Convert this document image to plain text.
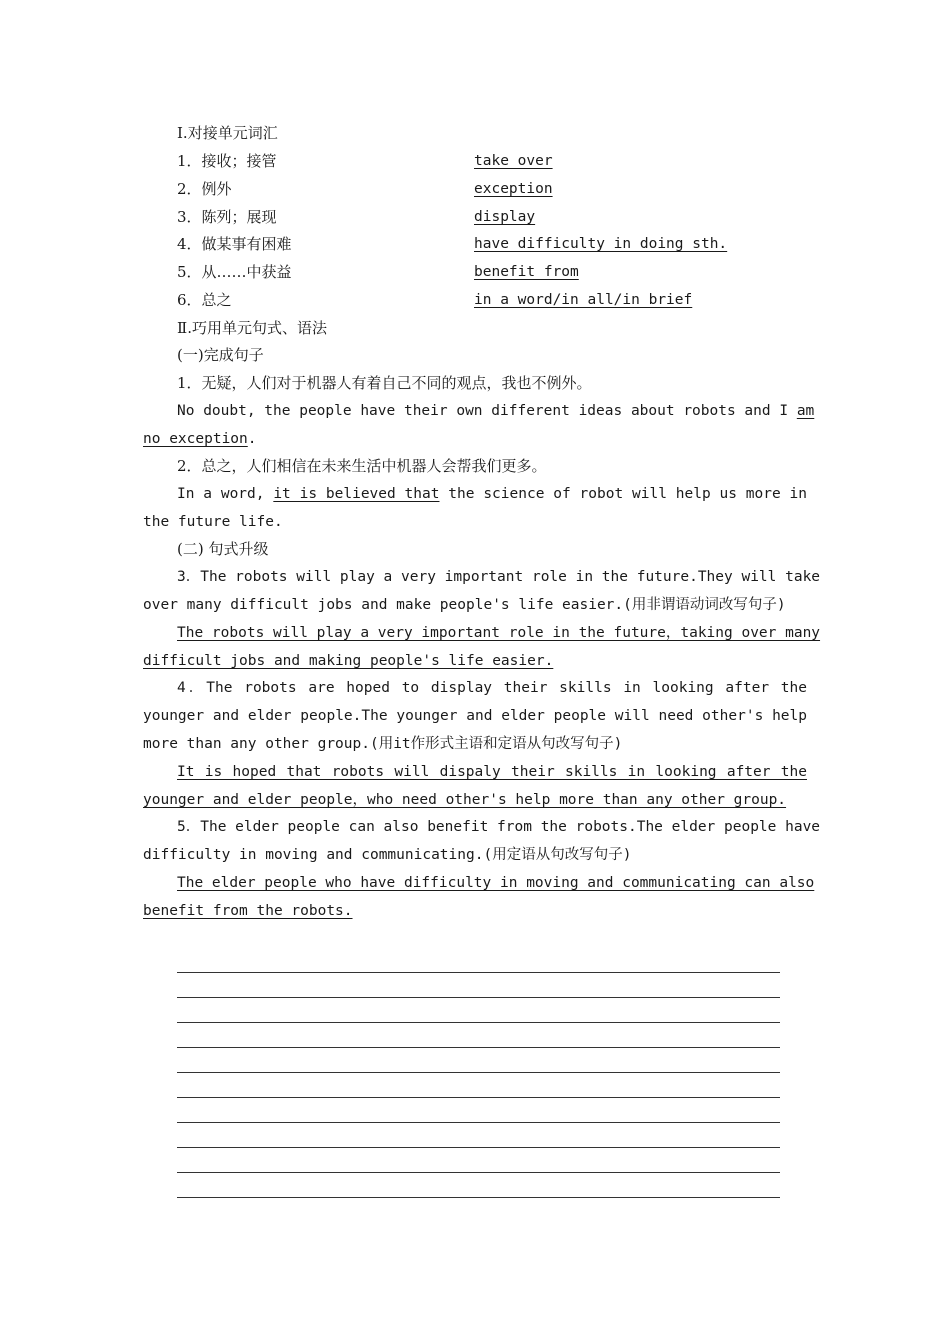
Ⅰ.对接单元词汇
1．接收；接管	take over
2．例外	exception
3．陈列；展现	display
4．做某事有困难	have difficulty in doing sth.
5．从……中获益	benefit from
6．总之	in a word/in all/in brief
Ⅱ.巧用单元句式、语法
(一)完成句子
1．无疑，人们对于机器人有着自己不同的观点，我也不例外。
No doubt, the people have their own different ideas about robots and I am
no exception.
2．总之，人们相信在未来生活中机器人会帮我们更多。
In a word, it is believed that the science of robot will help us more in
the future life.
(二) 句式升级
3．The robots will play a very important role in the future.They will take
over many difficult jobs and make people's life easier.(用非谓语动词改写句子)
The robots will play a very important role in the future，taking over many
difficult jobs and making people's life easier.
4．The robots are hoped to display their skills in looking after the
younger and elder people.The younger and elder people will need other's help
more than any other group.(用it作形式主语和定语从句改写句子)
It is hoped that robots will dispaly their skills in looking after the
younger and elder people，who need other's help more than any other group.
5．The elder people can also benefit from the robots.The elder people have
difficulty in moving and communicating.(用定语从句改写句子)
The elder people who have difficulty in moving and communicating can also
benefit from the robots.
